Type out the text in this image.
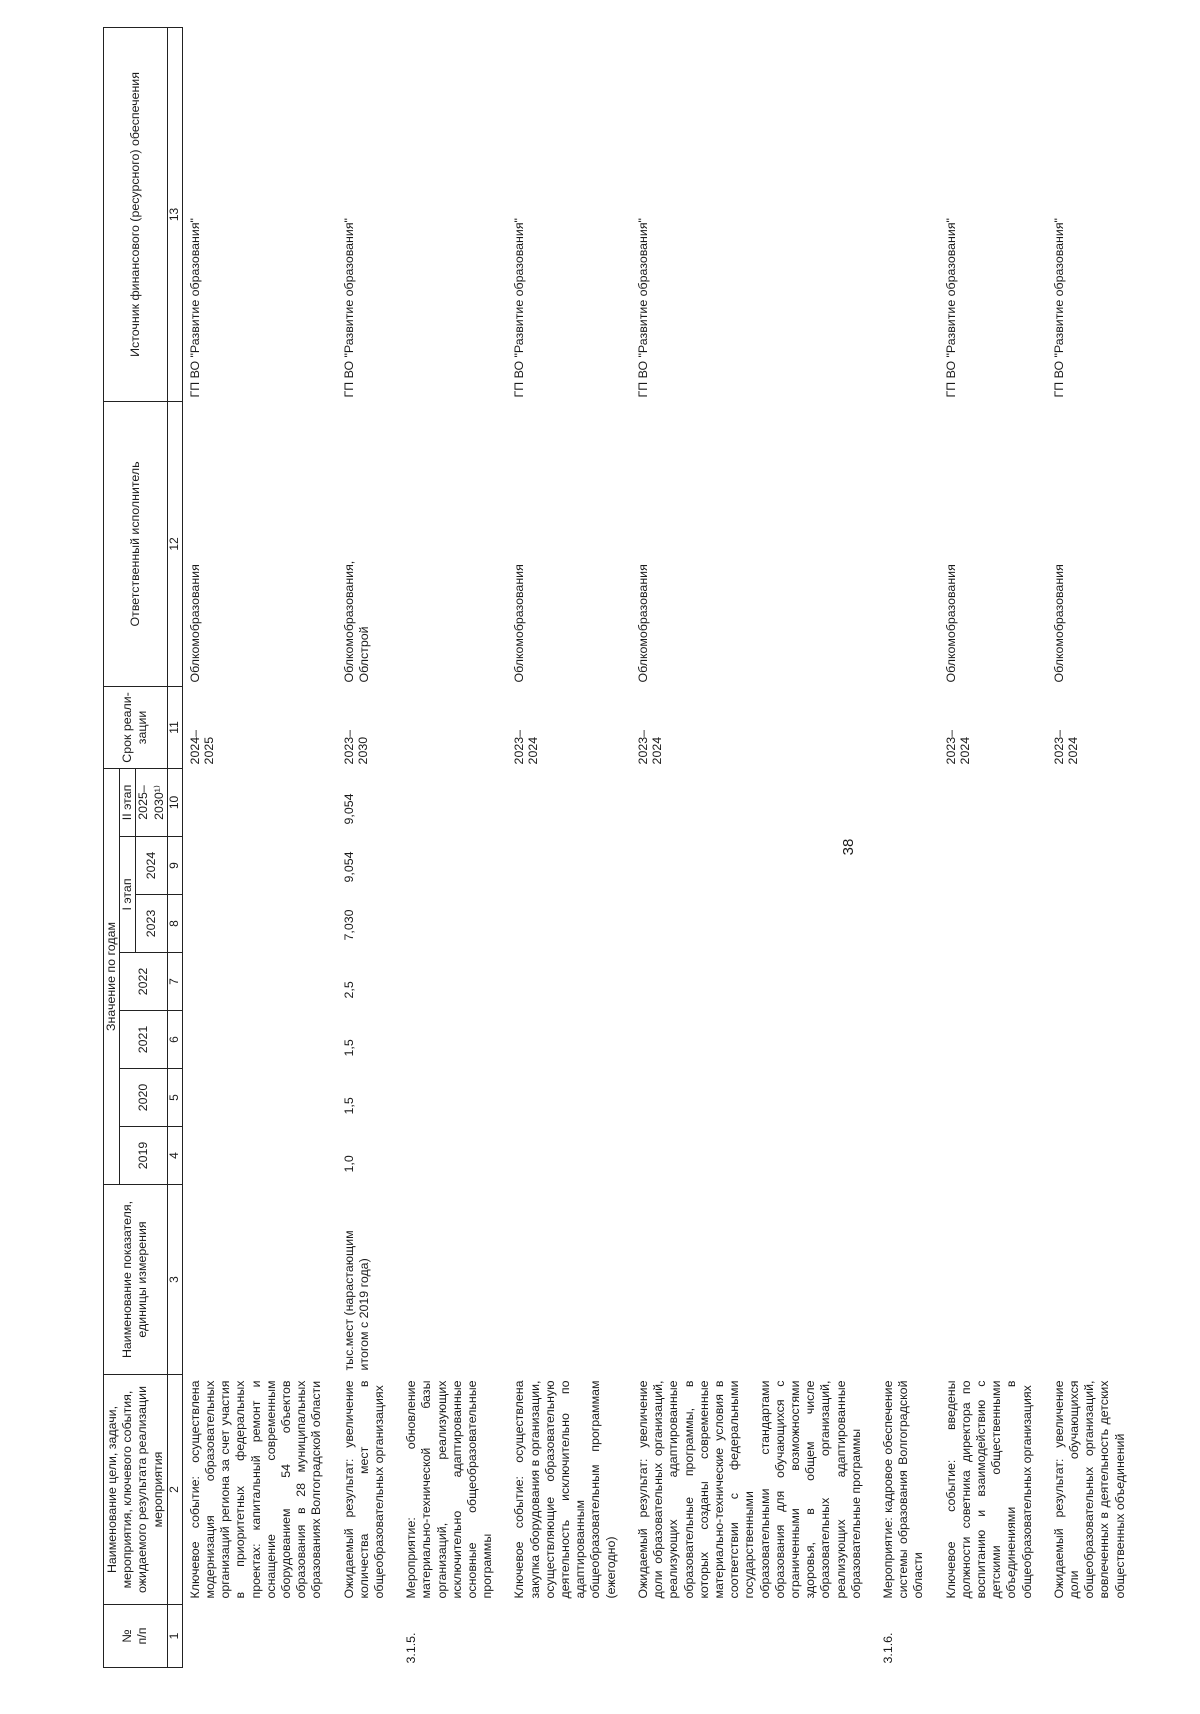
38
№
п/п	Наименование цели, задачи, мероприятия, ключевого события, ожидаемого результата реализации мероприятия	Наименование показателя, единицы измерения	Значение по годам							Срок реали-
зации	Ответственный исполнитель	Источник финансового (ресурсного) обеспечения
			2019	2020	2021	2022	I этап		II этап			
							2023	2024	2025–
2030¹⁾			
1	2	3	4	5	6	7	8	9	10	11	12	13
	Ключевое событие: осуществлена модернизация образовательных организаций региона за счет участия в приоритетных федеральных проектах: капитальный ремонт и оснащение современным оборудованием 54 объектов образования в 28 муниципальных образованиях Волгоградской области									2024–
2025	Облкомобразования	ГП ВО "Развитие образования"
	Ожидаемый результат: увеличение количества мест в общеобразовательных организациях	тыс.мест (нарастающим итогом с 2019 года)	1,0	1,5	1,5	2,5	7,030	9,054	9,054	2023–
2030	Облкомобразования,
Облстрой	ГП ВО "Развитие образования"
3.1.5.	Мероприятие: обновление материально-технической базы организаций, реализующих исключительно адаптированные основные общеобразовательные программы											
	Ключевое событие: осуществлена закупка оборудования в организации, осуществляющие образовательную деятельность исключительно по адаптированным общеобразовательным программам (ежегодно)									2023–
2024	Облкомобразования	ГП ВО "Развитие образования"
	Ожидаемый результат: увеличение доли образовательных организаций, реализующих адаптированные образовательные программы, в которых созданы современные материально-технические условия в соответствии с федеральными государственными образовательными стандартами образования для обучающихся с ограниченными возможностями здоровья, в общем числе образовательных организаций, реализующих адаптированные образовательные программы									2023–
2024	Облкомобразования	ГП ВО "Развитие образования"
3.1.6.	Мероприятие: кадровое обеспечение системы образования Волгоградской области											
	Ключевое событие: введены должности советника директора по воспитанию и взаимодействию с детскими общественными объединениями в общеобразовательных организациях									2023–
2024	Облкомобразования	ГП ВО "Развитие образования"
	Ожидаемый результат: увеличение доли обучающихся общеобразовательных организаций, вовлеченных в деятельность детских общественных объединений									2023–
2024	Облкомобразования	ГП ВО "Развитие образования"
